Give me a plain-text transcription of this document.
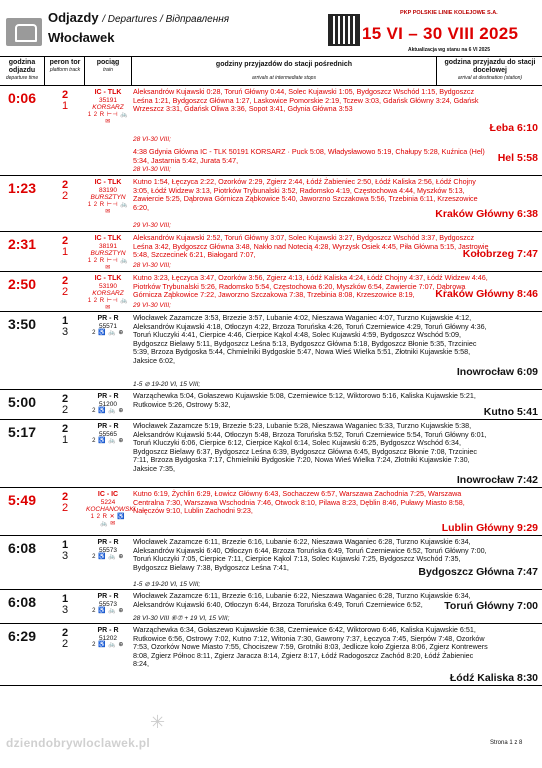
Odjazdy / Departures / Відправлення
Włocławek
PKP POLSKIE LINIE KOLEJOWE S.A.
15 VI – 30 VIII 2025
Aktualizacja wg stanu na 6 VI 2025
godzina odjazdu
departure time
peron tor
platform track
pociąg
train
godziny przyjazdów do stacji pośrednich
arrivals at intermediate stops
godzina przyjazdu do stacji docelowej
arrival at destination (station)
0:06	2
1
IC - TLK
35191
KORSARZ
1 2 R ⊢⊣ 🚲 ✉
Aleksandrów Kujawski 0:28, Toruń Główny 0:44, Solec Kujawski 1:05, Bydgoszcz Wschód 1:15, Bydgoszcz Leśna 1:21, Bydgoszcz Główna 1:27, Laskowice Pomorskie 2:19, Tczew 3:03, Gdańsk Główny 3:24, Gdańsk Wrzeszcz 3:31, Gdańsk Oliwa 3:36, Sopot 3:41, Gdynia Główna 3:53
Łeba 6:10
28 VI-30 VIII;

4:38 Gdynia Główna IC - TLK 50191 KORSARZ · Puck 5:08, Władysławowo 5:19, Chałupy 5:28, Kuźnica (Hel) 5:34, Jastarnia 5:42, Jurata 5:47,	Hel 5:58
28 VI-30 VIII;
1:23	2
2
IC - TLK
83190
BURSZTYN
1 2 R ⊢⊣ 🚲 ✉
Kutno 1:54, Łęczyca 2:22, Ozorków 2:29, Zgierz 2:44, Łódź Żabieniec 2:50, Łódź Kaliska 2:56, Łódź Chojny 3:05, Łódź Widzew 3:13, Piotrków Trybunalski 3:52, Radomsko 4:19, Częstochowa 4:44, Myszków 5:13, Zawiercie 5:25, Dąbrowa Górnicza Ząbkowice 5:40, Jaworzno Szczakowa 5:56, Trzebinia 6:11, Krzeszowice 6:20,
Kraków Główny 6:38
29 VI-30 VIII;
2:31	2
1
IC - TLK
38191
BURSZTYN
1 2 R ⊢⊣ 🚲 ✉
Aleksandrów Kujawski 2:52, Toruń Główny 3:07, Solec Kujawski 3:27, Bydgoszcz Wschód 3:37, Bydgoszcz Leśna 3:42, Bydgoszcz Główna 3:48, Nakło nad Notecią 4:28, Wyrzysk Osiek 4:45, Piła Główna 5:15, Jastrowie 5:48, Szczecinek 6:21, Białogard 7:07,	Kołobrzeg 7:47
28 VI-30 VIII;
2:50	2
2
IC - TLK
53190
KORSARZ
1 2 R ⊢⊣ 🚲 ✉
Kutno 3:23, Łęczyca 3:47, Ozorków 3:56, Zgierz 4:13, Łódź Kaliska 4:24, Łódź Chojny 4:37, Łódź Widzew 4:46, Piotrków Trybunalski 5:26, Radomsko 5:54, Częstochowa 6:20, Myszków 6:54, Zawiercie 7:07, Dąbrowa Górnicza Ząbkowice 7:22, Jaworzno Szczakowa 7:38, Trzebinia 8:08, Krzeszowice 8:19,	Kraków Główny 8:46
29 VI-30 VIII;
3:50	1
3
PR - R
55571
2 ♿ 🚲 ⊕
Włocławek Zazamcze 3:53, Brzezie 3:57, Lubanie 4:02, Nieszawa Waganiec 4:07, Turzno Kujawskie 4:12, Aleksandrów Kujawski 4:18, Otłoczyn 4:22, Brzoza Toruńska 4:26, Toruń Czerniewice 4:29, Toruń Główny 4:36, Toruń Kluczyki 4:41, Cierpice 4:46, Cierpice Kąkol 4:48, Solec Kujawski 4:59, Bydgoszcz Wschód 5:09, Bydgoszcz Bielawy 5:11, Bydgoszcz Leśna 5:13, Bydgoszcz Główna 5:18, Bydgoszcz Błonie 5:35, Trzciniec 5:39, Brzoza Bydgoska 5:44, Chmielniki Bydgoskie 5:47, Nowa Wieś Wielka 5:51, Złotniki Kujawskie 5:58, Jaksice 6:02,
Inowrocław 6:09
1-5 ⊘ 19-20 VI, 15 VIII;
5:00	2
2
PR - R
51200
2 ♿ 🚲 ⊕
Warząchewka 5:04, Gołaszewo Kujawskie 5:08, Czerniewice 5:12, Wiktorowo 5:16, Kaliska Kujawskie 5:21, Rutkowice 5:26, Ostrowy 5:32,
Kutno 5:41
5:17	2
1
PR - R
55565
2 ♿ 🚲 ⊕
Włocławek Zazamcze 5:19, Brzezie 5:23, Lubanie 5:28, Nieszawa Waganiec 5:33, Turzno Kujawskie 5:38, Aleksandrów Kujawski 5:44, Otłoczyn 5:48, Brzoza Toruńska 5:52, Toruń Czerniewice 5:54, Toruń Główny 6:01, Toruń Kluczyki 6:06, Cierpice 6:12, Cierpice Kąkol 6:14, Solec Kujawski 6:25, Bydgoszcz Wschód 6:34, Bydgoszcz Bielawy 6:37, Bydgoszcz Leśna 6:39, Bydgoszcz Główna 6:45, Bydgoszcz Błonie 7:08, Trzciniec 7:11, Brzoza Bydgoska 7:17, Chmielniki Bydgoskie 7:20, Nowa Wieś Wielka 7:24, Złotniki Kujawskie 7:30, Jaksice 7:35,
Inowrocław 7:42
5:49	2
2
IC - IC
5224
KOCHANOWSKI
1 2 R ✕ ♿ 🚲 ✉
Kutno 6:19, Żychlin 6:29, Łowicz Główny 6:43, Sochaczew 6:57, Warszawa Zachodnia 7:25, Warszawa Centralna 7:30, Warszawa Wschodnia 7:46, Otwock 8:10, Pilawa 8:23, Dęblin 8:46, Puławy Miasto 8:58, Nałęczów 9:10, Lublin Zachodni 9:23,
Lublin Główny 9:29
6:08	1
3
PR - R
55573
2 ♿ 🚲 ⊕
Włocławek Zazamcze 6:11, Brzezie 6:16, Lubanie 6:22, Nieszawa Waganiec 6:28, Turzno Kujawskie 6:34, Aleksandrów Kujawski 6:40, Otłoczyn 6:44, Brzoza Toruńska 6:49, Toruń Czerniewice 6:52, Toruń Główny 7:00, Toruń Kluczyki 7:05, Cierpice 7:11, Cierpice Kąkol 7:13, Solec Kujawski 7:25, Bydgoszcz Wschód 7:35, Bydgoszcz Bielawy 7:38, Bydgoszcz Leśna 7:41,	Bydgoszcz Główna 7:47
1-5 ⊘ 19-20 VI, 15 VIII;
6:08	1
3
PR - R
55573
2 ♿ 🚲 ⊕
Włocławek Zazamcze 6:11, Brzezie 6:16, Lubanie 6:22, Nieszawa Waganiec 6:28, Turzno Kujawskie 6:34, Aleksandrów Kujawski 6:40, Otłoczyn 6:44, Brzoza Toruńska 6:49, Toruń Czerniewice 6:52,	Toruń Główny 7:00
28 VI-30 VIII ⑥⑦ + 19 VI, 15 VIII;
6:29	2
2
PR - R
51202
2 ♿ 🚲 ⊕
Warząchewka 6:34, Gołaszewo Kujawskie 6:38, Czerniewice 6:42, Wiktorowo 6:46, Kaliska Kujawskie 6:51, Rutkowice 6:56, Ostrowy 7:02, Kutno 7:12, Witonia 7:30, Gawrony 7:37, Łęczyca 7:45, Sierpów 7:48, Ozorków 7:53, Ozorków Nowe Miasto 7:55, Chociszew 7:59, Grotniki 8:03, Jedlicze koło Zgierza 8:06, Zgierz Kontrewers 8:08, Zgierz Północ 8:11, Zgierz Jaracza 8:14, Zgierz 8:17, Łódź Radogoszcz Zachód 8:20, Łódź Żabieniec 8:24,
Łódź Kaliska 8:30
✳
dziendobrywloclawek.pl	Strona 1 z 8
